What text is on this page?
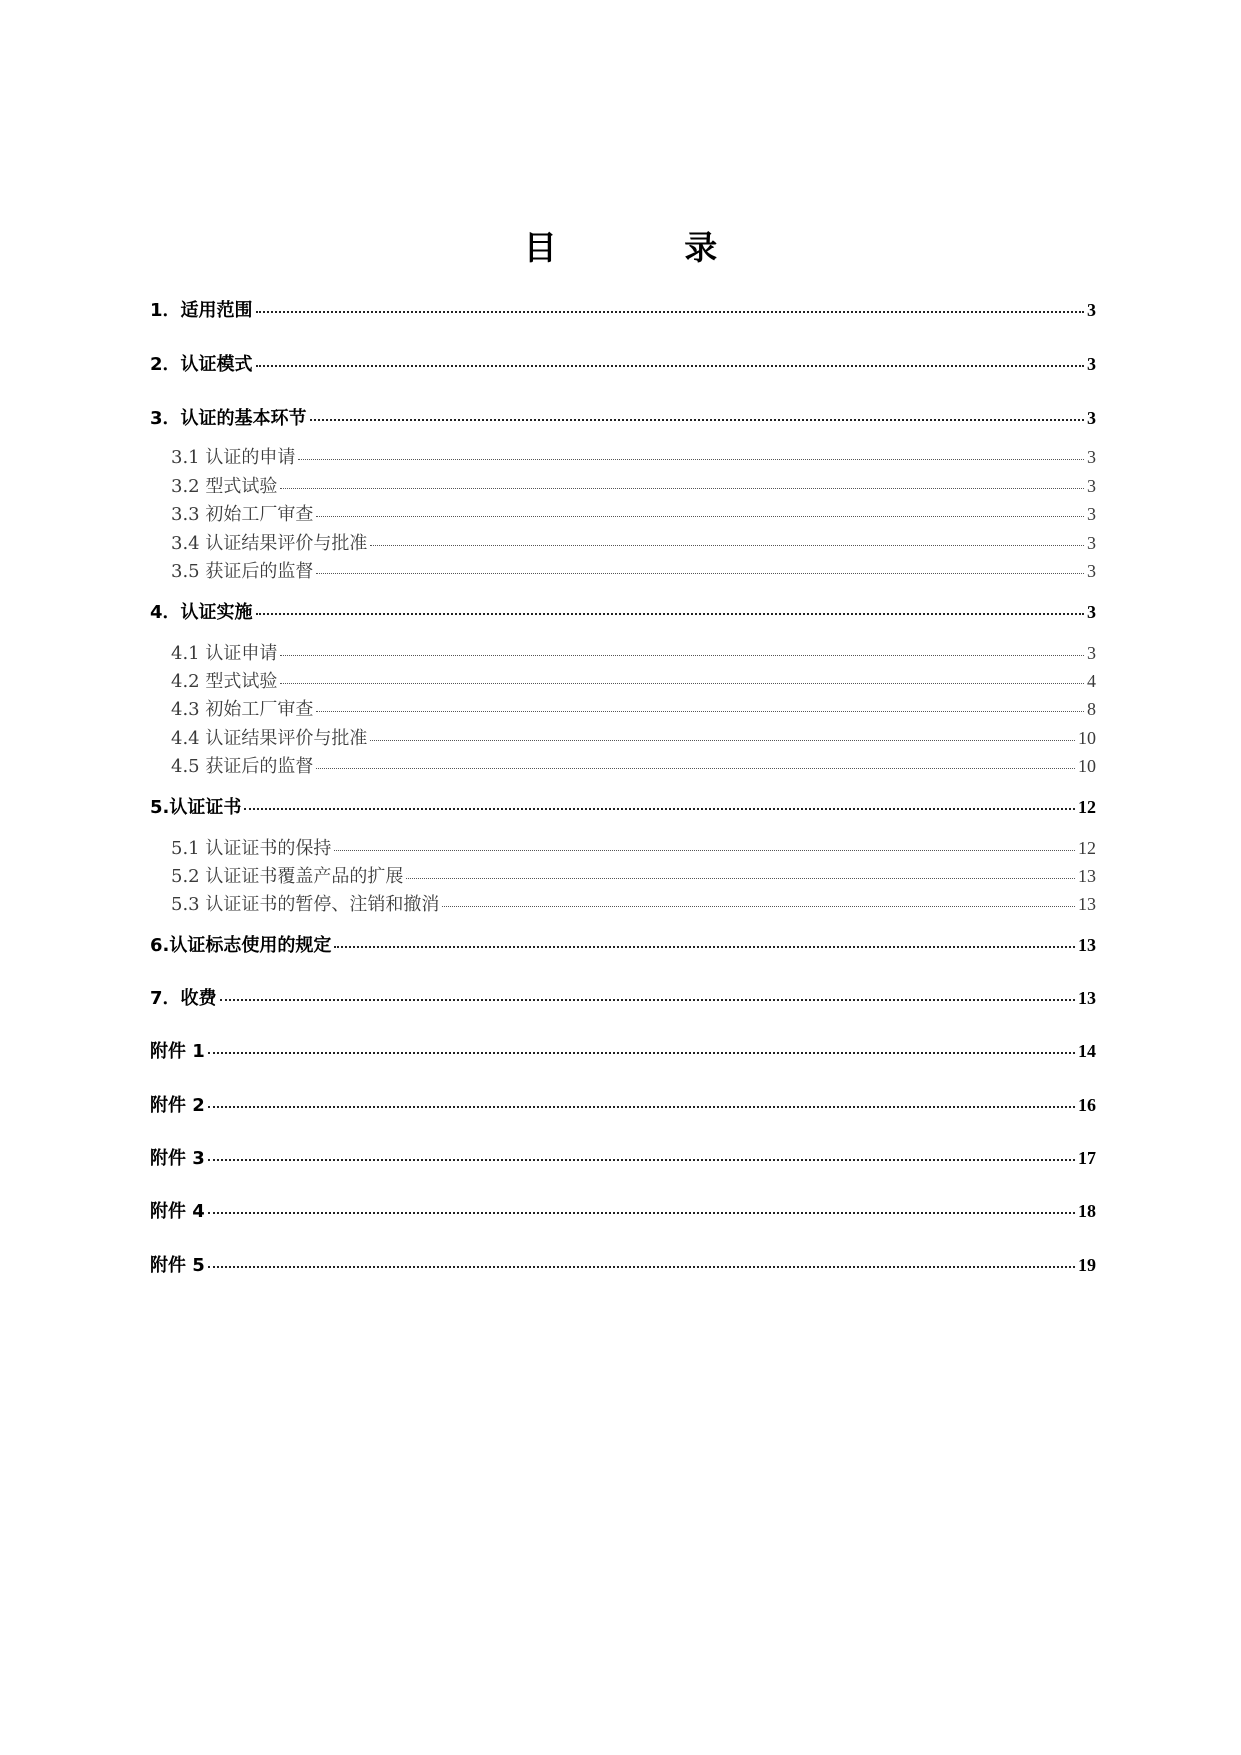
目 录
1．适用范围	3
2．认证模式	3
3．认证的基本环节	3
3.1 认证的申请	3
3.2 型式试验	3
3.3 初始工厂审查	3
3.4 认证结果评价与批准	3
3.5 获证后的监督	3
4．认证实施	3
4.1 认证申请	3
4.2 型式试验	4
4.3 初始工厂审查	8
4.4 认证结果评价与批准	10
4.5 获证后的监督	10
5.认证证书	12
5.1 认证证书的保持	12
5.2 认证证书覆盖产品的扩展	13
5.3 认证证书的暂停、注销和撤消	13
6.认证标志使用的规定	13
7．收费	13
附件 1	14
附件 2	16
附件 3	17
附件 4	18
附件 5	19
